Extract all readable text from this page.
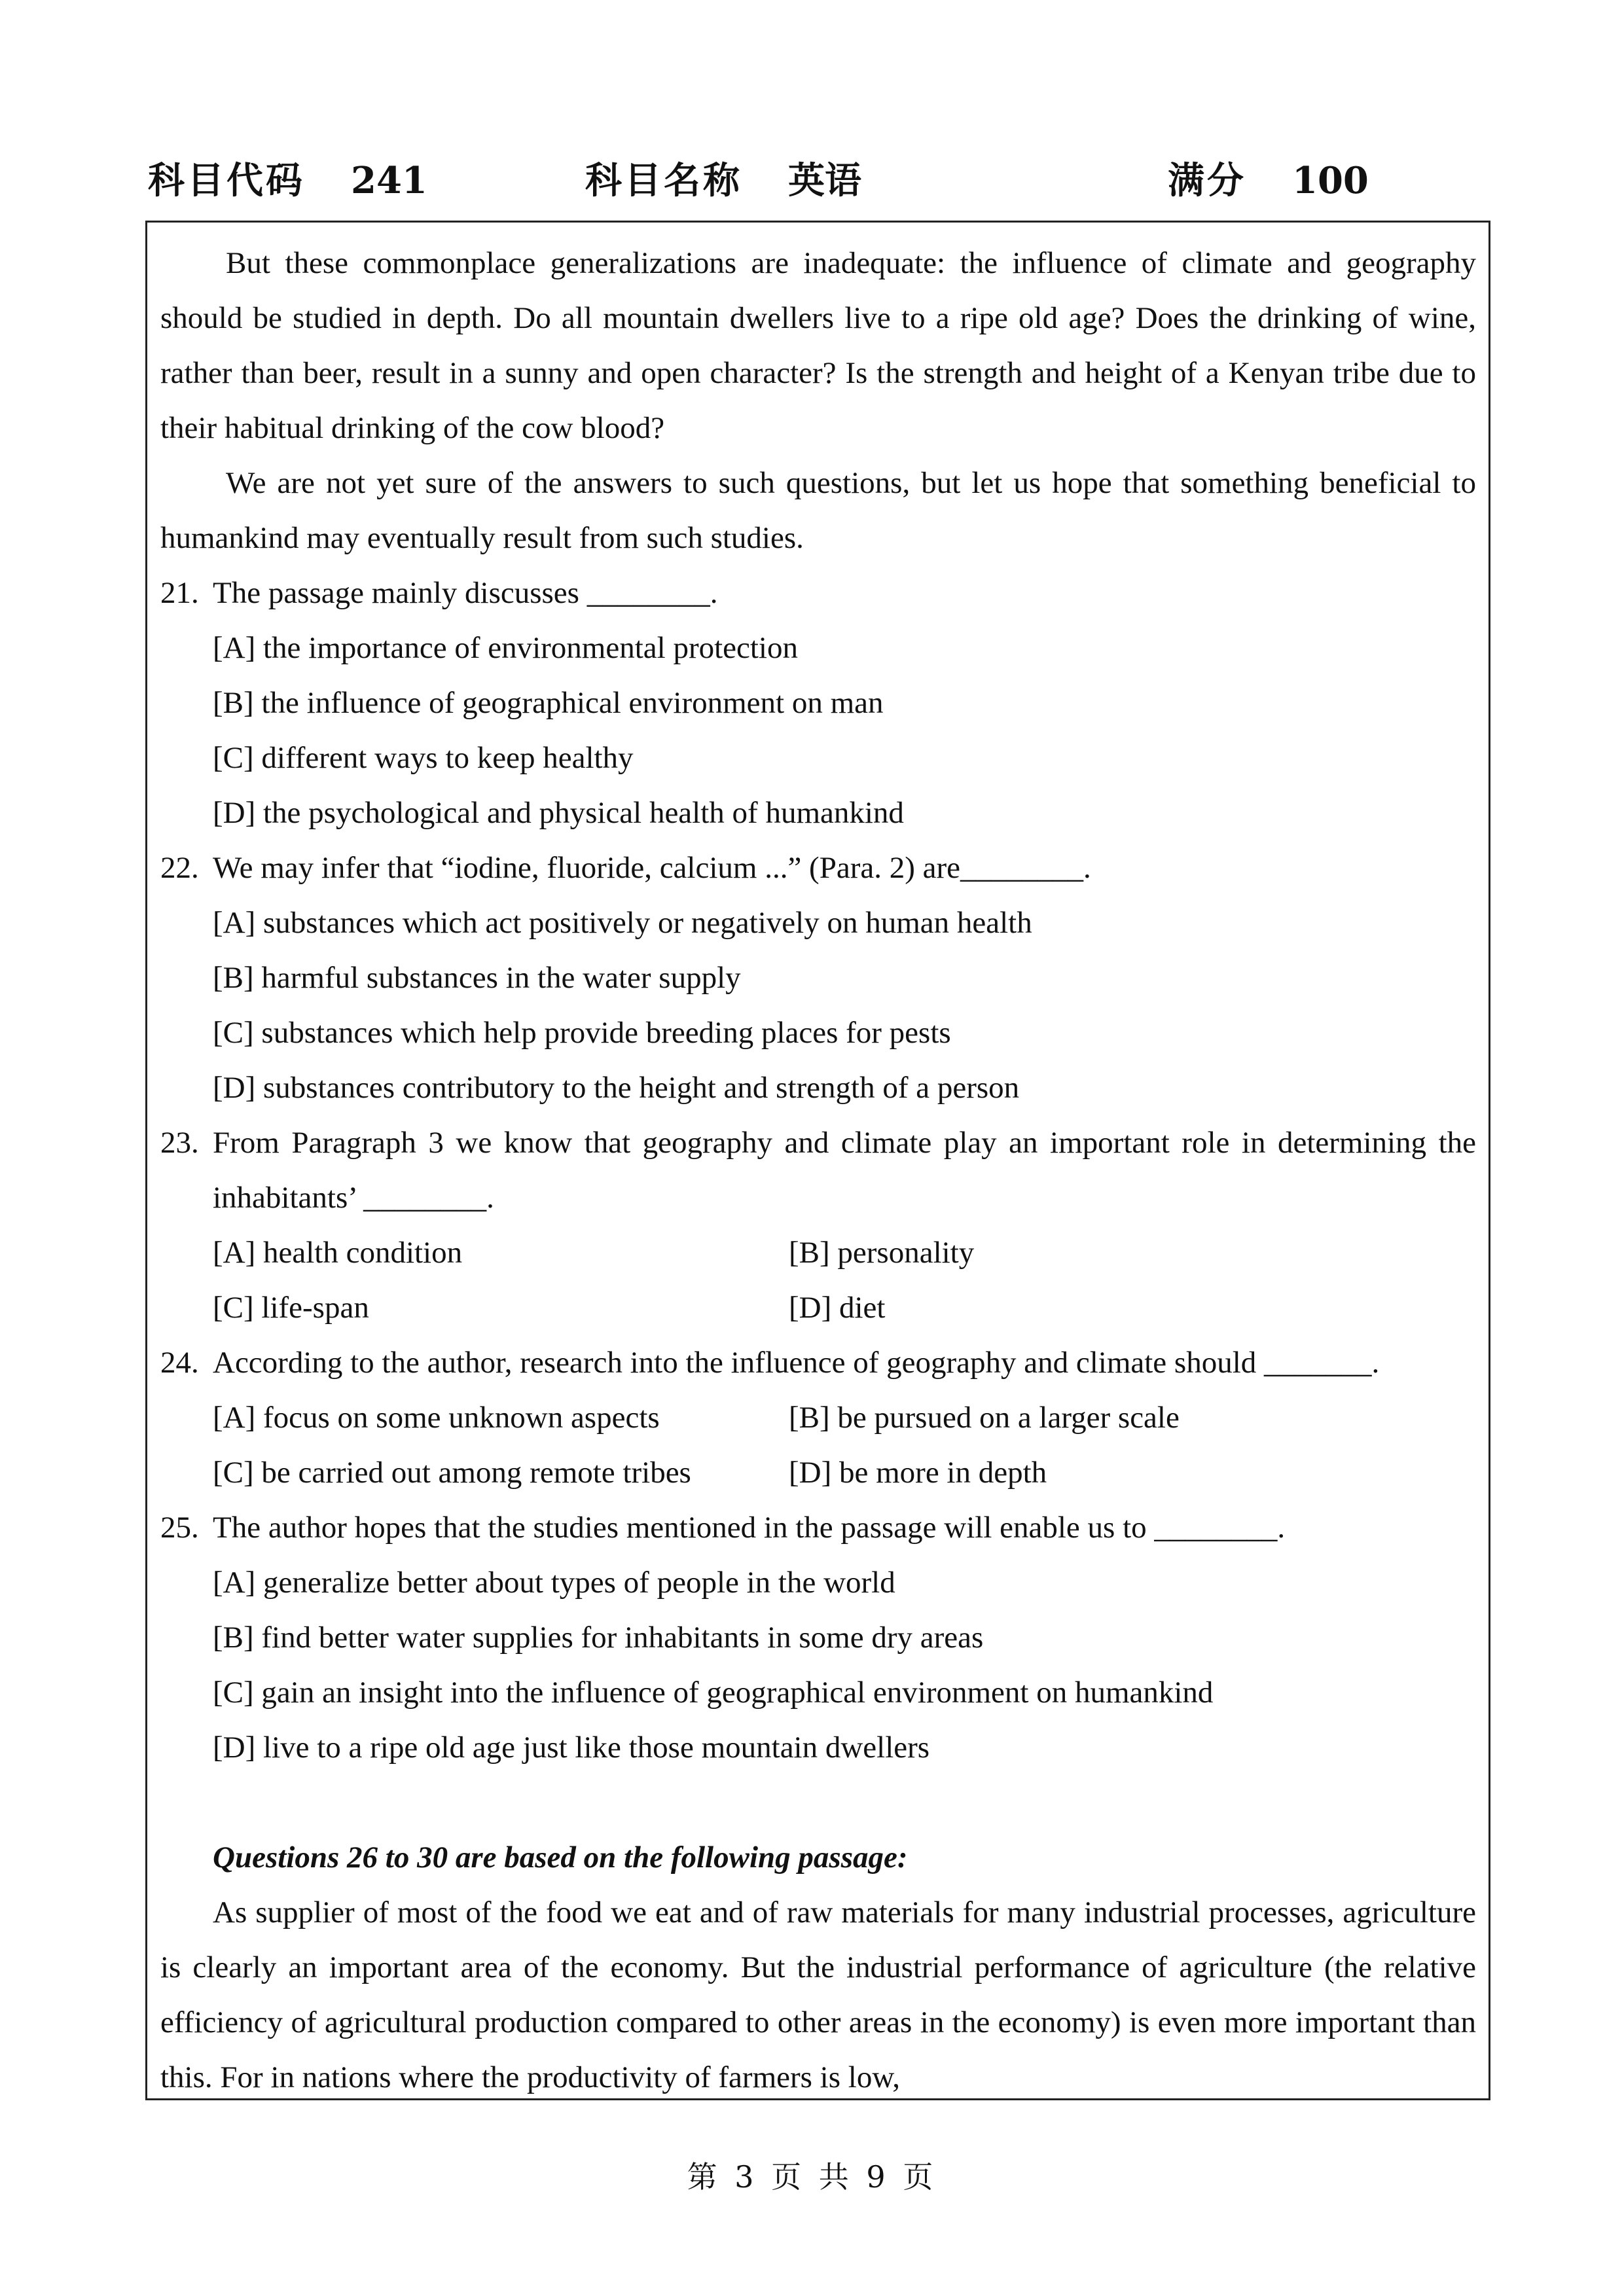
科目代码 241	科目名称 英语	满分 100

But these commonplace generalizations are inadequate: the influence of climate and geography should be studied in depth. Do all mountain dwellers live to a ripe old age? Does the drinking of wine, rather than beer, result in a sunny and open character? Is the strength and height of a Kenyan tribe due to their habitual drinking of the cow blood?

We are not yet sure of the answers to such questions, but let us hope that something beneficial to humankind may eventually result from such studies.

21. The passage mainly discusses ________.

[A] the importance of environmental protection

[B] the influence of geographical environment on man

[C] different ways to keep healthy

[D] the psychological and physical health of humankind

22. We may infer that “iodine, fluoride, calcium ...” (Para. 2) are________.

[A] substances which act positively or negatively on human health

[B] harmful substances in the water supply

[C] substances which help provide breeding places for pests

[D] substances contributory to the height and strength of a person

23. From Paragraph 3 we know that geography and climate play an important role in determining the inhabitants’ ________.
[A] health condition	[B] personality
[C] life-span	[D] diet
24. According to the author, research into the influence of geography and climate should _______.
[A] focus on some unknown aspects	[B] be pursued on a larger scale
[C] be carried out among remote tribes	[D] be more in depth
25. The author hopes that the studies mentioned in the passage will enable us to ________.

[A] generalize better about types of people in the world

[B] find better water supplies for inhabitants in some dry areas

[C] gain an insight into the influence of geographical environment on humankind

[D] live to a ripe old age just like those mountain dwellers

Questions 26 to 30 are based on the following passage:

As supplier of most of the food we eat and of raw materials for many industrial processes, agriculture is clearly an important area of the economy. But the industrial performance of agriculture (the relative efficiency of agricultural production compared to other areas in the economy) is even more important than this. For in nations where the productivity of farmers is low,

第 3 页 共 9 页
